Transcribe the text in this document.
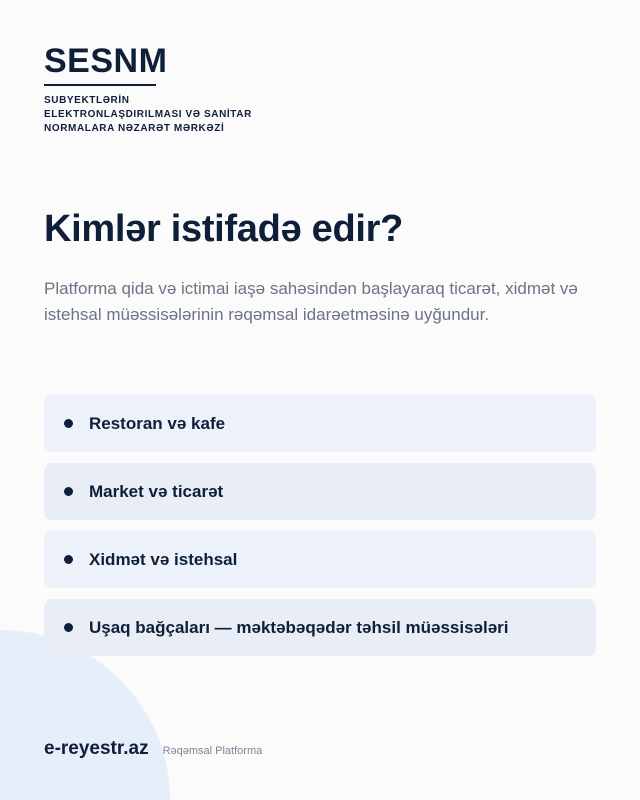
SESNM
SUBYEKTLƏRİN
ELEKTRONLAŞDIRILMASI VƏ SANİTAR
NORMALARA NƏZARƏT MƏRKƏZİ
Kimlər istifadə edir?

Platforma qida və ictimai iaşə sahəsindən başlayaraq ticarət, xidmət və istehsal müəssisələrinin rəqəmsal idarəetməsinə uyğundur.

Restoran və kafe
Market və ticarət
Xidmət və istehsal
Uşaq bağçaları — məktəbəqədər təhsil müəssisələri
e-reyestr.az Rəqəmsal Platforma
